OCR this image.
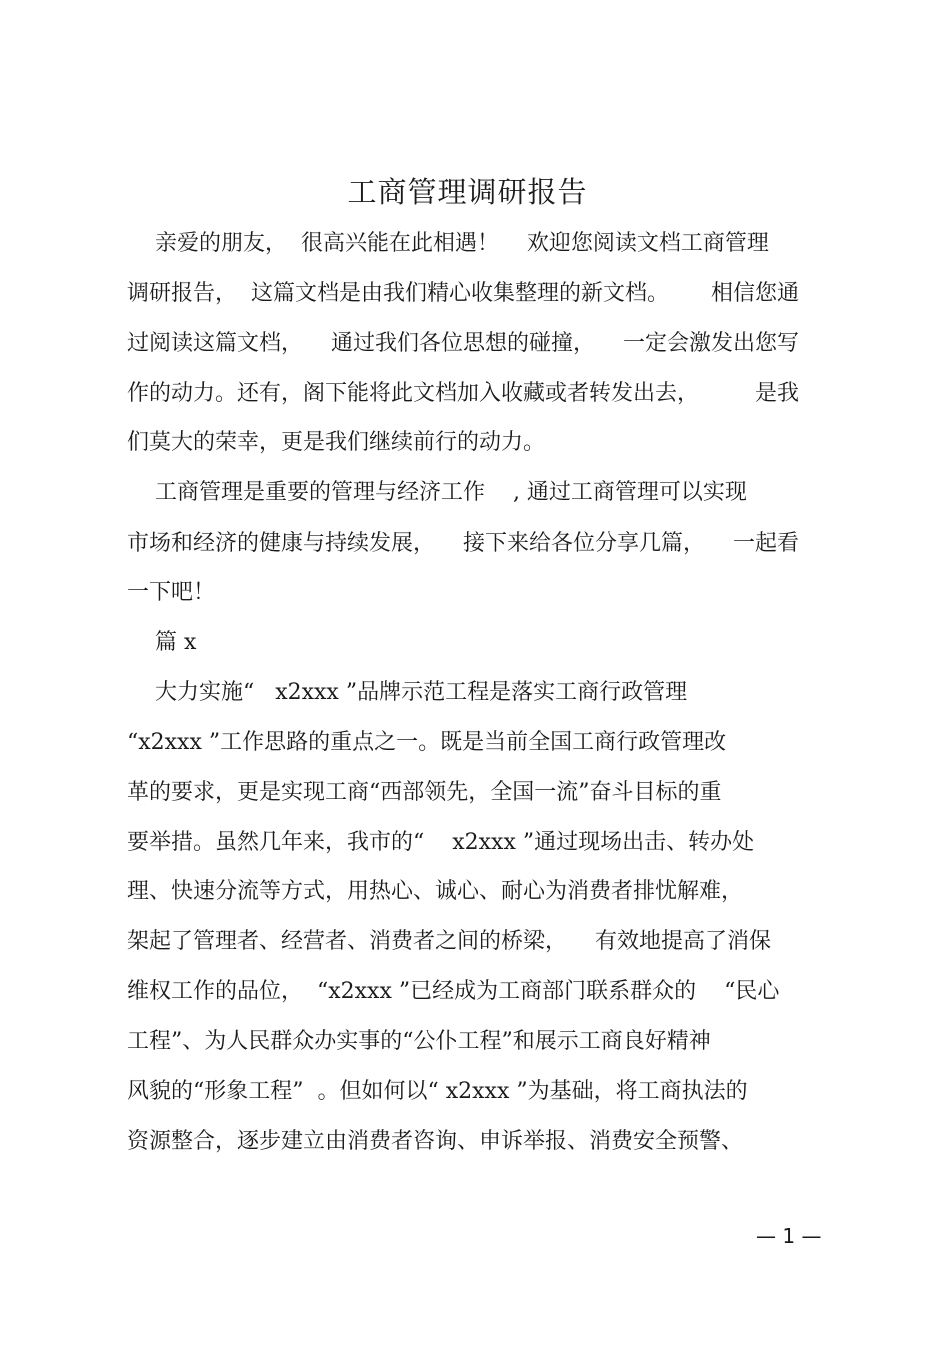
工商管理调研报告
亲爱的朋友，  很高兴能在此相遇！    欢迎您阅读文档工商管理
调研报告，  这篇文档是由我们精心收集整理的新文档。      相信您通
过阅读这篇文档，    通过我们各位思想的碰撞，    一定会激发出您写
作的动力。还有，阁下能将此文档加入收藏或者转发出去，        是我
们莫大的荣幸，更是我们继续前行的动力。
工商管理是重要的管理与经济工作    , 通过工商管理可以实现
市场和经济的健康与持续发展，    接下来给各位分享几篇，    一起看
一下吧！
篇 x
大力实施“   x2xxx ”品牌示范工程是落实工商行政管理
“x2xxx ”工作思路的重点之一。既是当前全国工商行政管理改
革的要求，更是实现工商“西部领先，全国一流”奋斗目标的重
要举措。虽然几年来，我市的“    x2xxx ”通过现场出击、转办处
理、快速分流等方式，用热心、诚心、耐心为消费者排忧解难，
架起了管理者、经营者、消费者之间的桥梁，    有效地提高了消保
维权工作的品位，  “x2xxx ”已经成为工商部门联系群众的    “民心
工程”、为人民群众办实事的“公仆工程”和展示工商良好精神
风貌的“形象工程”  。但如何以“ x2xxx ”为基础，将工商执法的
资源整合，逐步建立由消费者咨询、申诉举报、消费安全预警、
— 1 —
